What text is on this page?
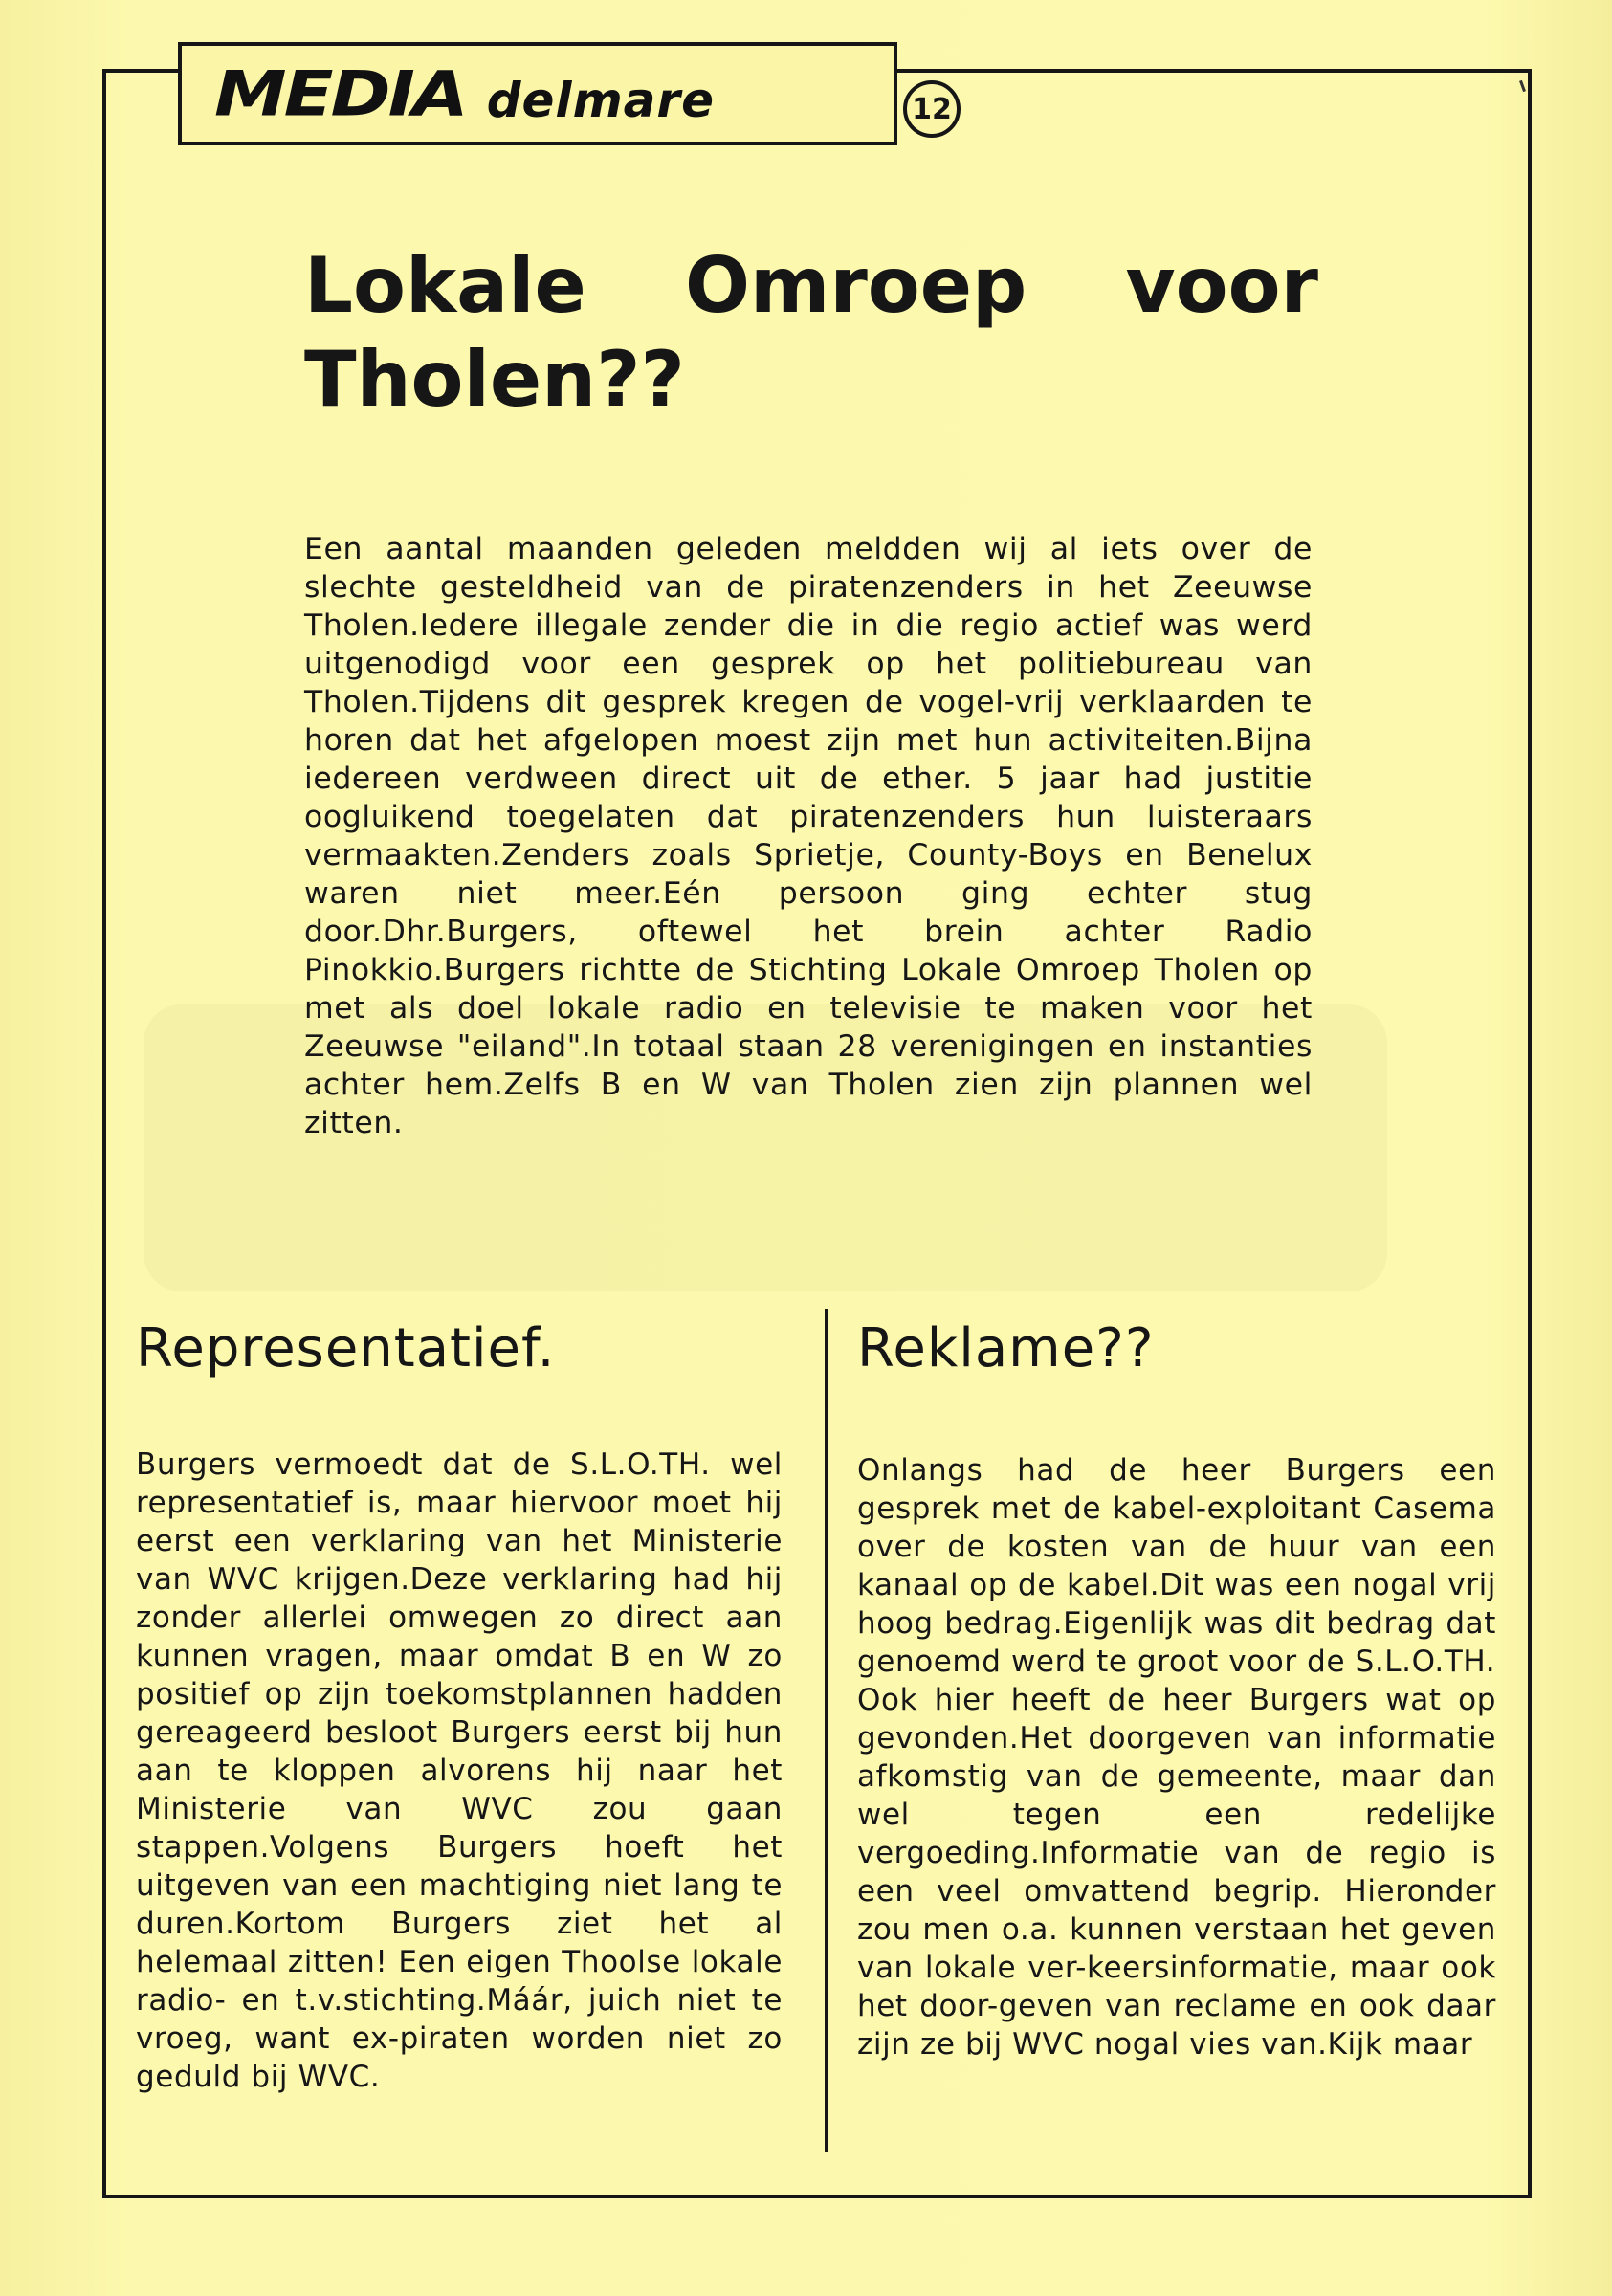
MEDIA delmare	12
Lokale Omroep voor
Tholen??

Een aantal maanden geleden meldden wij al iets over de slechte gesteldheid van de piratenzenders in het Zeeuwse Tholen.Iedere illegale zender die in die regio actief was werd uitgenodigd voor een gesprek op het politiebureau van Tholen.Tijdens dit gesprek kregen de vogel-vrij verklaarden te horen dat het afgelopen moest zijn met hun activiteiten.Bijna iedereen verdween direct uit de ether. 5 jaar had justitie oogluikend toegelaten dat piratenzenders hun luisteraars vermaakten.Zenders zoals Sprietje, County-Boys en Benelux waren niet meer.Eén persoon ging echter stug door.Dhr.Burgers, oftewel het brein achter Radio Pinokkio.Burgers richtte de Stichting Lokale Omroep Tholen op met als doel lokale radio en televisie te maken voor het Zeeuwse "eiland".In totaal staan 28 verenigingen en instanties achter hem.Zelfs B en W van Tholen zien zijn plannen wel zitten.

Representatief.

Burgers vermoedt dat de S.L.O.TH. wel representatief is, maar hiervoor moet hij eerst een verklaring van het Ministerie van WVC krijgen.Deze verklaring had hij zonder allerlei omwegen zo direct aan kunnen vragen, maar omdat B en W zo positief op zijn toekomstplannen hadden gereageerd besloot Burgers eerst bij hun aan te kloppen alvorens hij naar het Ministerie van WVC zou gaan stappen.Volgens Burgers hoeft het uitgeven van een machtiging niet lang te duren.Kortom Burgers ziet het al helemaal zitten! Een eigen Thoolse lokale radio- en t.v.stichting.Máár, juich niet te vroeg, want ex-piraten worden niet zo geduld bij WVC.

Reklame??

Onlangs had de heer Burgers een gesprek met de kabel-exploitant Casema over de kosten van de huur van een kanaal op de kabel.Dit was een nogal vrij hoog bedrag.Eigenlijk was dit bedrag dat genoemd werd te groot voor de S.L.O.TH.

Ook hier heeft de heer Burgers wat op gevonden.Het doorgeven van informatie afkomstig van de gemeente, maar dan wel tegen een redelijke vergoeding.Informatie van de regio is een veel omvattend begrip. Hieronder zou men o.a. kunnen verstaan het geven van lokale ver-keersinformatie, maar ook het door-geven van reclame en ook daar zijn ze bij WVC nogal vies van.Kijk maar
